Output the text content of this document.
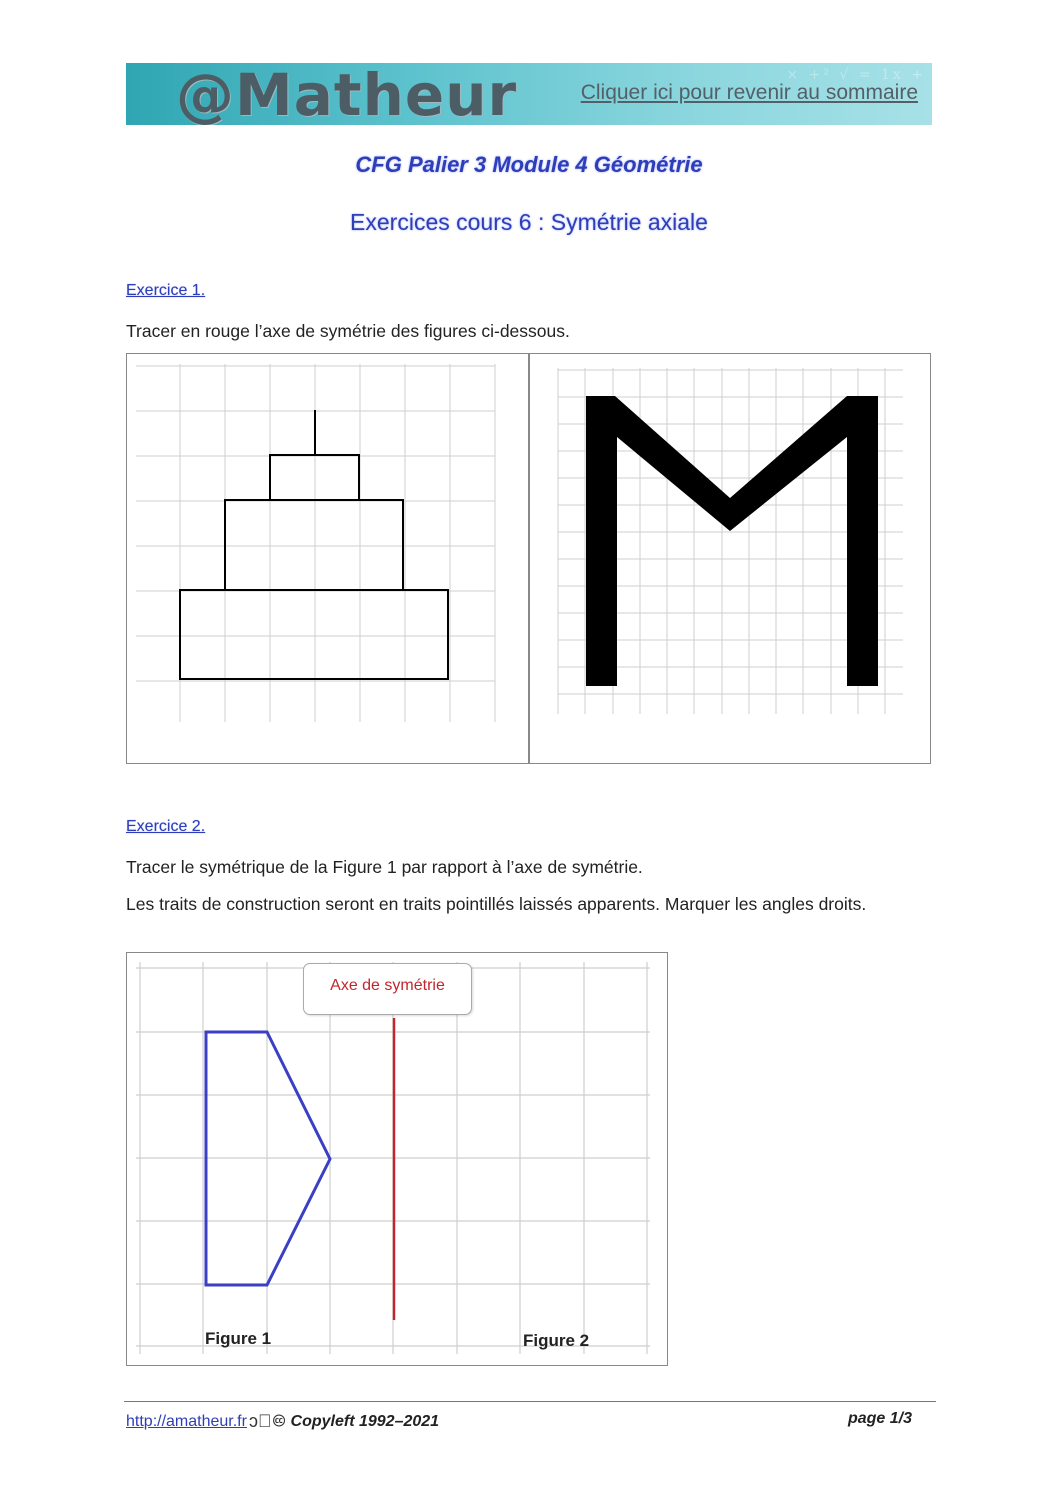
× +² √ = 1x +
@Matheur	Cliquer ici pour revenir au sommaire
CFG Palier 3 Module 4 Géométrie
Exercices cours 6 : Symétrie axiale
Exercice 1.
Tracer en rouge l’axe de symétrie des figures ci-dessous.
Exercice 2.
Tracer le symétrique de la Figure 1 par rapport à l’axe de symétrie.
Les traits de construction seront en traits pointillés laissés apparents. Marquer les angles droits.
Axe de symétrie
Figure 1	Figure 2
http://amatheur.fr ↄ⃝ 🅭 Copyleft 1992–2021	page 1/3
